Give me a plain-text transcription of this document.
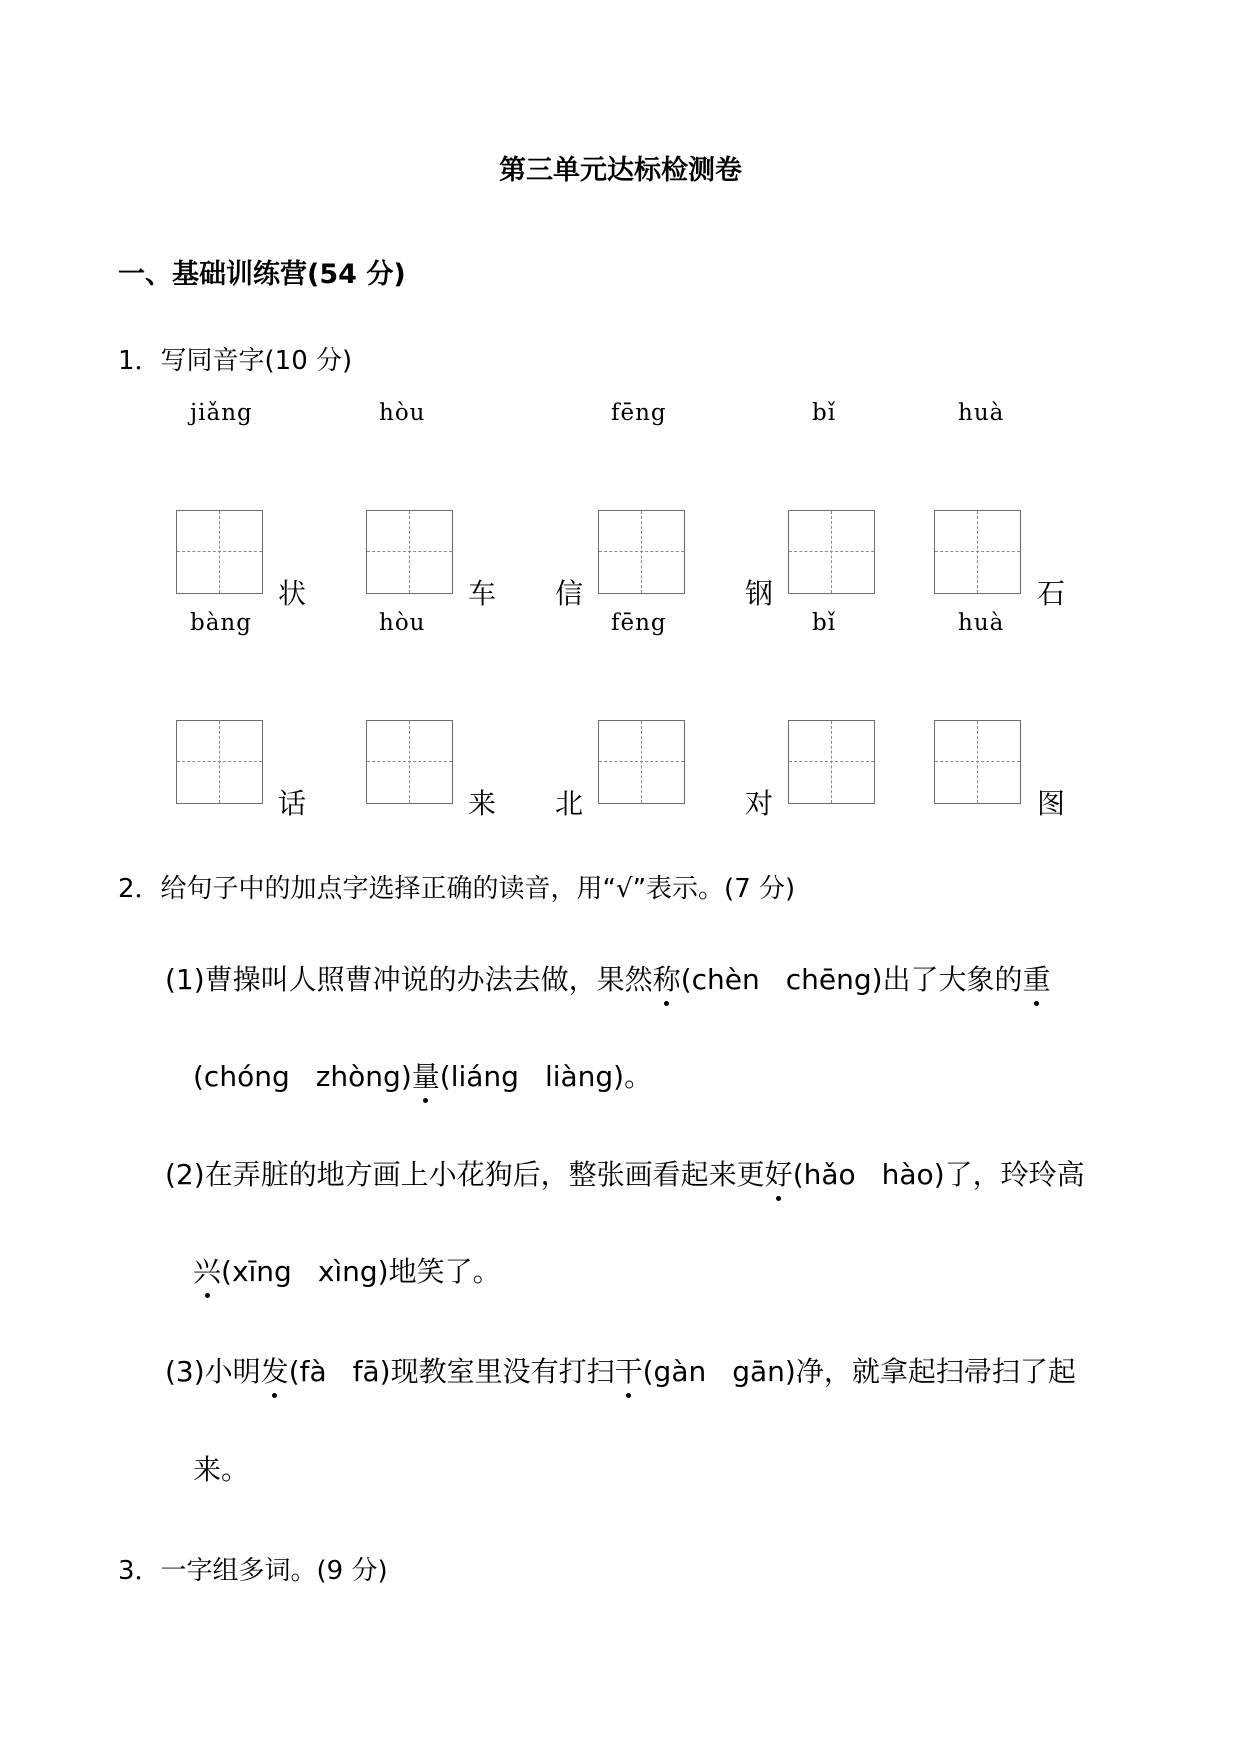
第三单元达标检测卷
一、基础训练营(54 分)
1．写同音字(10 分)
jiǎng
状
hòu
车 信
fēng
钢
bǐ	huà
石
bàng
话
hòu
来 北
fēng
对
bǐ	huà
图
2．给句子中的加点字选择正确的读音，用“√”表示。(7 分)
(1)曹操叫人照曹冲说的办法去做，果然称(chèn chēng)出了大象的重
(chóng zhòng)量(liáng liàng)。
(2)在弄脏的地方画上小花狗后，整张画看起来更好(hǎo hào)了，玲玲高
兴(xīng xìng)地笑了。
(3)小明发(fà fā)现教室里没有打扫干(gàn gān)净，就拿起扫帚扫了起
来。
3．一字组多词。(9 分)
